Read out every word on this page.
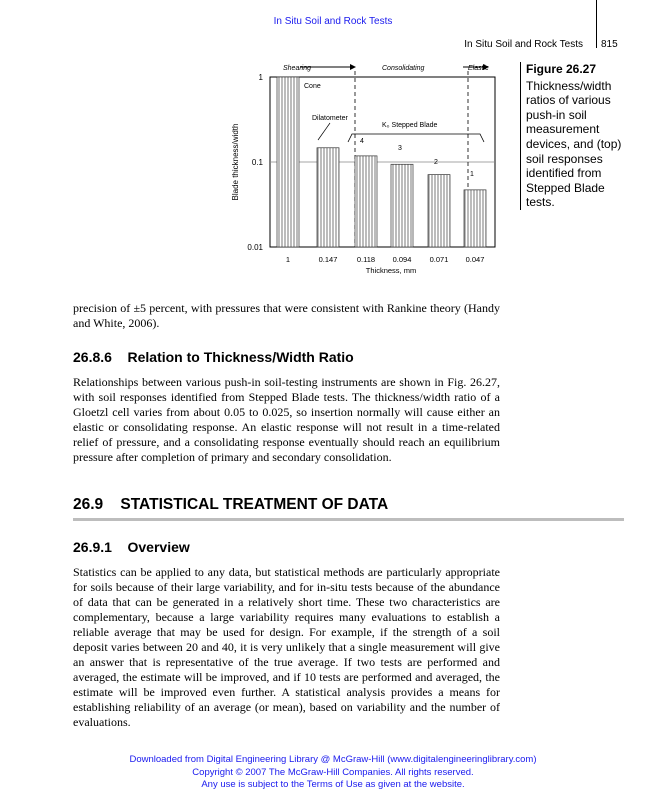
In Situ Soil and Rock Tests
In Situ Soil and Rock Tests 815
Shearing	Consolidating	Elastic
Cone
Dilatometer
K₀ Stepped Blade
4
3
2
1
1
0.1
0.01
1	0.147	0.118 0.094 0.071 0.047
Blade thickness/width
Thickness, mm
Figure 26.27
Thickness/width ratios of various push-in soil measurement devices, and (top) soil responses identified from Stepped Blade tests.
precision of ±5 percent, with pressures that were consistent with Rankine theory (Handy and White, 2006).
26.8.6 Relation to Thickness/Width Ratio
Relationships between various push-in soil-testing instruments are shown in Fig. 26.27, with soil responses identified from Stepped Blade tests. The thickness/width ratio of a Gloetzl cell varies from about 0.05 to 0.025, so insertion normally will cause either an elastic or consolidating response. An elastic response will not result in a time-related relief of pressure, and a consolidating response eventually should reach an equilibrium pressure after completion of primary and secondary consolidation.
26.9 STATISTICAL TREATMENT OF DATA
26.9.1 Overview
Statistics can be applied to any data, but statistical methods are particularly appropriate for soils because of their large variability, and for in-situ tests because of the abundance of data that can be generated in a relatively short time. These two characteristics are complementary, because a large variability requires many evaluations to establish a reliable average that may be used for design. For example, if the strength of a soil deposit varies between 20 and 40, it is very unlikely that a single measurement will give an answer that is representative of the true average. If two tests are performed and averaged, the estimate will be improved, and if 10 tests are performed and averaged, the estimate will be improved even further. A statistical analysis provides a means for establishing reliability of an average (or mean), based on variability and the number of evaluations.
Downloaded from Digital Engineering Library @ McGraw-Hill (www.digitalengineeringlibrary.com)
Copyright © 2007 The McGraw-Hill Companies. All rights reserved.
Any use is subject to the Terms of Use as given at the website.
